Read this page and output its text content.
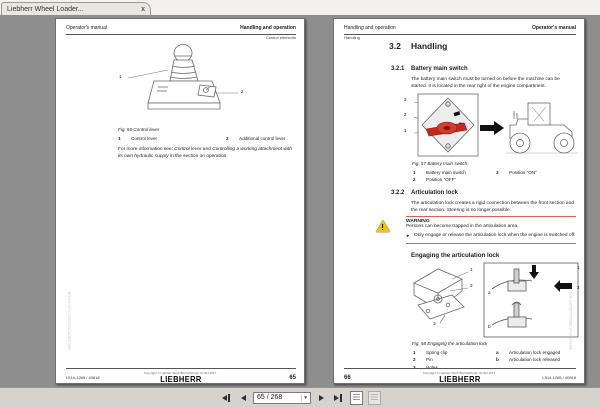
Liebherr Wheel Loader...	x
Operator's manual	Handling and operation
Control elements
1
2
Fig. 56 Control lever
1	Control lever	2	Additional control lever
For more information see: Control lever and Controlling a working attachment with its own hydraulic supply in the section on operation
Copyright © Liebherr-Werk Bischofshofen GmbH 2017
L514-1265 / 40818	LIEBHERR	65
LBH/11825607/0003/2017-03-17/enGB
Handling and operation	Operator's manual
Handling
3.2	Handling
3.2.1	Battery main switch
The battery main switch must be turned on before the machine can be started. It is located in the rear right of the engine compartment.
3
2
1
Fig. 57 Battery main switch
1	Battery main switch
2	Position "OFF"
3	Position "ON"
3.2.2	Articulation lock
The articulation lock creates a rigid connection between the front section and the rear section. Steering is no longer possible.
!
WARNING
Persons can become trapped in the articulation area.
► Only engage or release the articulation lock when the engine is switched off.
Engaging the articulation lock
1
2
3
1
2
a
b
Fig. 58 Engaging the articulation lock
1	Spring clip
2	Pin
3	Holes
a	Articulation lock engaged
b	Articulation lock released
Copyright © Liebherr-Werk Bischofshofen GmbH 2017
66	LIEBHERR	L514-1265 / 40818
LBH/11825607/0003/2017-03-17/enGB
65 / 268	▾
